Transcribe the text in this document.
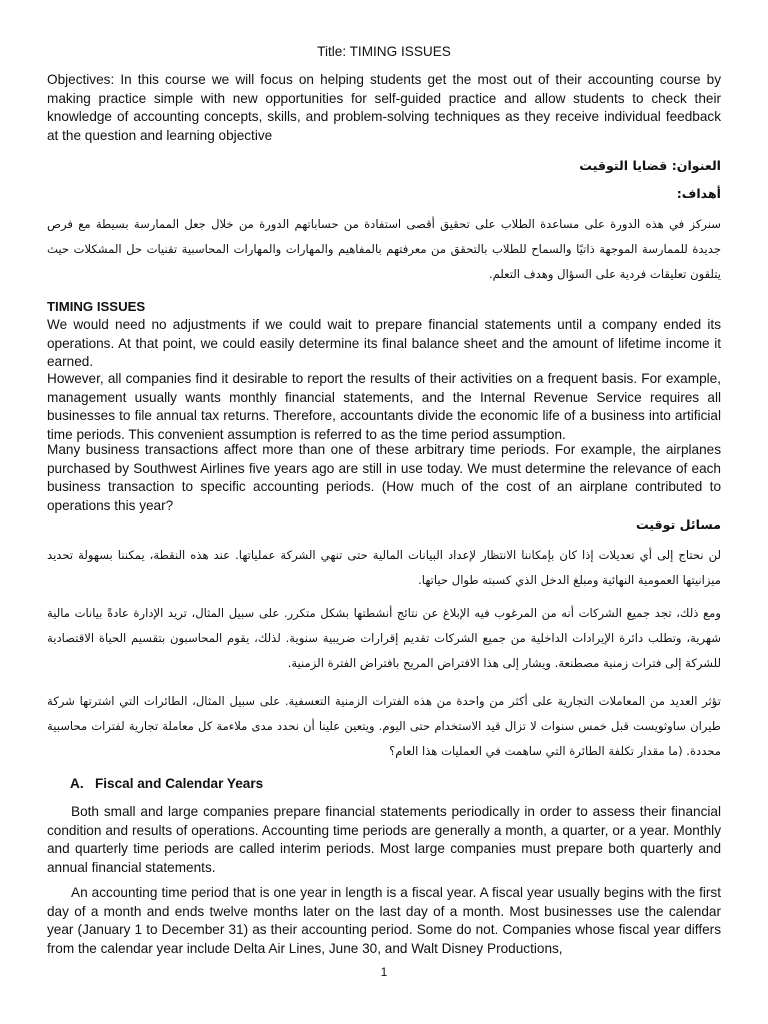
Title: TIMING ISSUES

Objectives: In this course we will focus on helping students get the most out of their accounting course by making practice simple with new opportunities for self-guided practice and allow students to check their knowledge of accounting concepts, skills, and problem-solving techniques as they receive individual feedback at the question and learning objective

العنوان: قضايا التوقيت
أهداف:

سنركز في هذه الدورة على مساعدة الطلاب على تحقيق أقصى استفادة من حساباتهم الدورة من خلال جعل الممارسة بسيطة مع فرص جديدة للممارسة الموجهة ذاتيًا والسماح للطلاب بالتحقق من معرفتهم بالمفاهيم والمهارات والمهارات المحاسبية تقنيات حل المشكلات حيث يتلقون تعليقات فردية على السؤال وهدف التعلم.

TIMING ISSUES

We would need no adjustments if we could wait to prepare financial statements until a company ended its operations. At that point, we could easily determine its final balance sheet and the amount of lifetime income it earned.

However, all companies find it desirable to report the results of their activities on a frequent basis. For example, management usually wants monthly financial statements, and the Internal Revenue Service requires all businesses to file annual tax returns. Therefore, accountants divide the economic life of a business into artificial time periods. This convenient assumption is referred to as the time period assumption.

Many business transactions affect more than one of these arbitrary time periods. For example, the airplanes purchased by Southwest Airlines five years ago are still in use today. We must determine the relevance of each business transaction to specific accounting periods. (How much of the cost of an airplane contributed to operations this year?

مسائل توقيت

لن نحتاج إلى أي تعديلات إذا كان بإمكاننا الانتظار لإعداد البيانات المالية حتى تنهي الشركة عملياتها. عند هذه النقطة، يمكننا بسهولة تحديد ميزانيتها العمومية النهائية ومبلغ الدخل الذي كسبته طوال حياتها.

ومع ذلك، تجد جميع الشركات أنه من المرغوب فيه الإبلاغ عن نتائج أنشطتها بشكل متكرر. على سبيل المثال، تريد الإدارة عادةً بيانات مالية شهرية، وتطلب دائرة الإيرادات الداخلية من جميع الشركات تقديم إقرارات ضريبية سنوية. لذلك، يقوم المحاسبون بتقسيم الحياة الاقتصادية للشركة إلى فترات زمنية مصطنعة. ويشار إلى هذا الافتراض المريح بافتراض الفترة الزمنية.

تؤثر العديد من المعاملات التجارية على أكثر من واحدة من هذه الفترات الزمنية التعسفية. على سبيل المثال، الطائرات التي اشترتها شركة طيران ساوثويست قبل خمس سنوات لا تزال قيد الاستخدام حتى اليوم. ويتعين علينا أن نحدد مدى ملاءمة كل معاملة تجارية لفترات محاسبية محددة. (ما مقدار تكلفة الطائرة التي ساهمت في العمليات هذا العام؟

A. Fiscal and Calendar Years

Both small and large companies prepare financial statements periodically in order to assess their financial condition and results of operations. Accounting time periods are generally a month, a quarter, or a year. Monthly and quarterly time periods are called interim periods. Most large companies must prepare both quarterly and annual financial statements.

An accounting time period that is one year in length is a fiscal year. A fiscal year usually begins with the first day of a month and ends twelve months later on the last day of a month. Most businesses use the calendar year (January 1 to December 31) as their accounting period. Some do not. Companies whose fiscal year differs from the calendar year include Delta Air Lines, June 30, and Walt Disney Productions,

1
